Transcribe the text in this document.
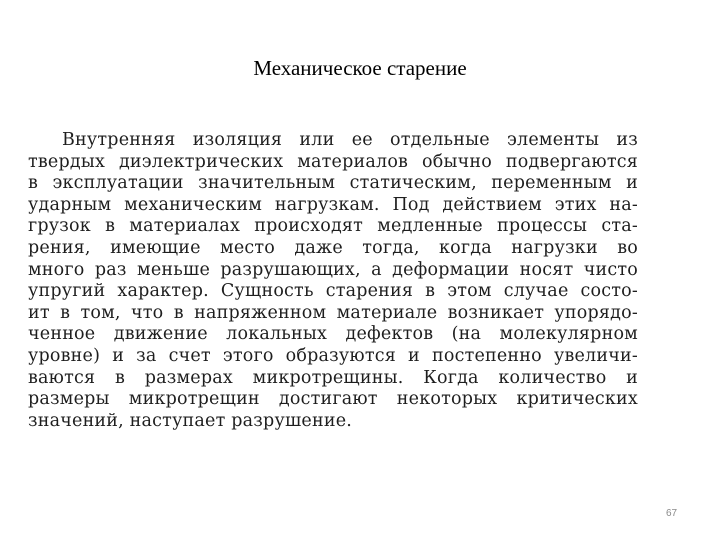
Механическое старение
Внутренняя изоляция или ее отдельные элементы из
твердых диэлектрических материалов обычно подвергаются
в эксплуатации значительным статическим, переменным и
ударным механическим нагрузкам. Под действием этих на-
грузок в материалах происходят медленные процессы ста-
рения, имеющие место даже тогда, когда нагрузки во
много раз меньше разрушающих, а деформации носят чисто
упругий характер. Сущность старения в этом случае состо-
ит в том, что в напряженном материале возникает упорядо-
ченное движение локальных дефектов (на молекулярном
уровне) и за счет этого образуются и постепенно увеличи-
ваются в размерах микротрещины. Когда количество и
размеры микротрещин достигают некоторых критических
значений, наступает разрушение.
67
